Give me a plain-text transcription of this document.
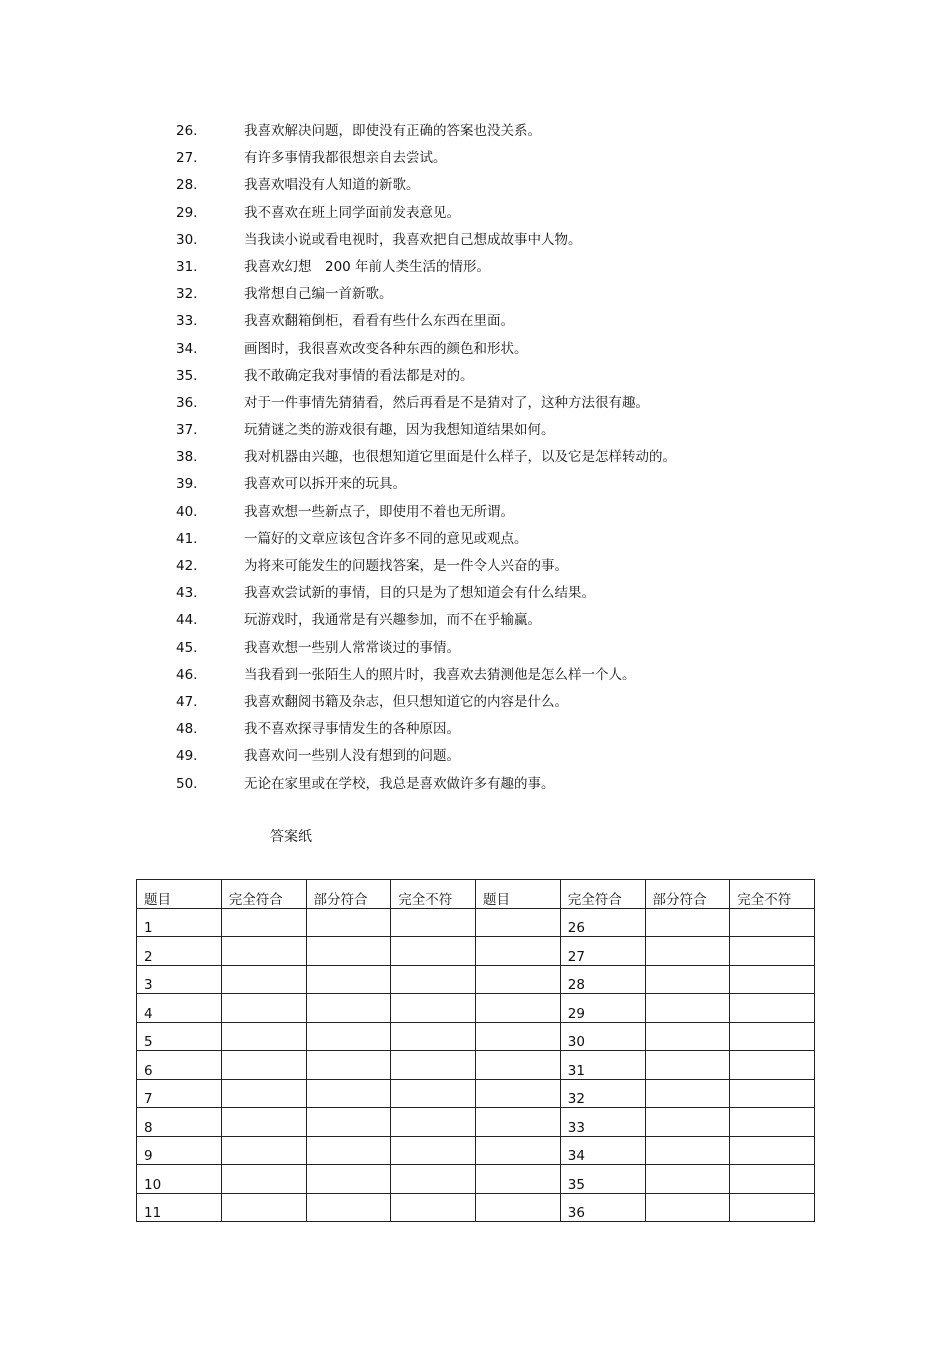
26.	我喜欢解决问题，即使没有正确的答案也没关系。
27.	有许多事情我都很想亲自去尝试。
28.	我喜欢唱没有人知道的新歌。
29.	我不喜欢在班上同学面前发表意见。
30.	当我读小说或看电视时，我喜欢把自己想成故事中人物。
31.	我喜欢幻想　200 年前人类生活的情形。
32.	我常想自己编一首新歌。
33.	我喜欢翻箱倒柜，看看有些什么东西在里面。
34.	画图时，我很喜欢改变各种东西的颜色和形状。
35.	我不敢确定我对事情的看法都是对的。
36.	对于一件事情先猜猜看，然后再看是不是猜对了，这种方法很有趣。
37.	玩猜谜之类的游戏很有趣，因为我想知道结果如何。
38.	我对机器由兴趣，也很想知道它里面是什么样子，以及它是怎样转动的。
39.	我喜欢可以拆开来的玩具。
40.	我喜欢想一些新点子，即使用不着也无所谓。
41.	一篇好的文章应该包含许多不同的意见或观点。
42.	为将来可能发生的问题找答案，是一件令人兴奋的事。
43.	我喜欢尝试新的事情，目的只是为了想知道会有什么结果。
44.	玩游戏时，我通常是有兴趣参加，而不在乎输赢。
45.	我喜欢想一些别人常常谈过的事情。
46.	当我看到一张陌生人的照片时，我喜欢去猜测他是怎么样一个人。
47.	我喜欢翻阅书籍及杂志，但只想知道它的内容是什么。
48.	我不喜欢探寻事情发生的各种原因。
49.	我喜欢问一些别人没有想到的问题。
50.	无论在家里或在学校，我总是喜欢做许多有趣的事。
答案纸
题目	完全符合	部分符合	完全不符	题目	完全符合	部分符合	完全不符
1					26		
2					27		
3					28		
4					29		
5					30		
6					31		
7					32		
8					33		
9					34		
10					35		
11					36		
